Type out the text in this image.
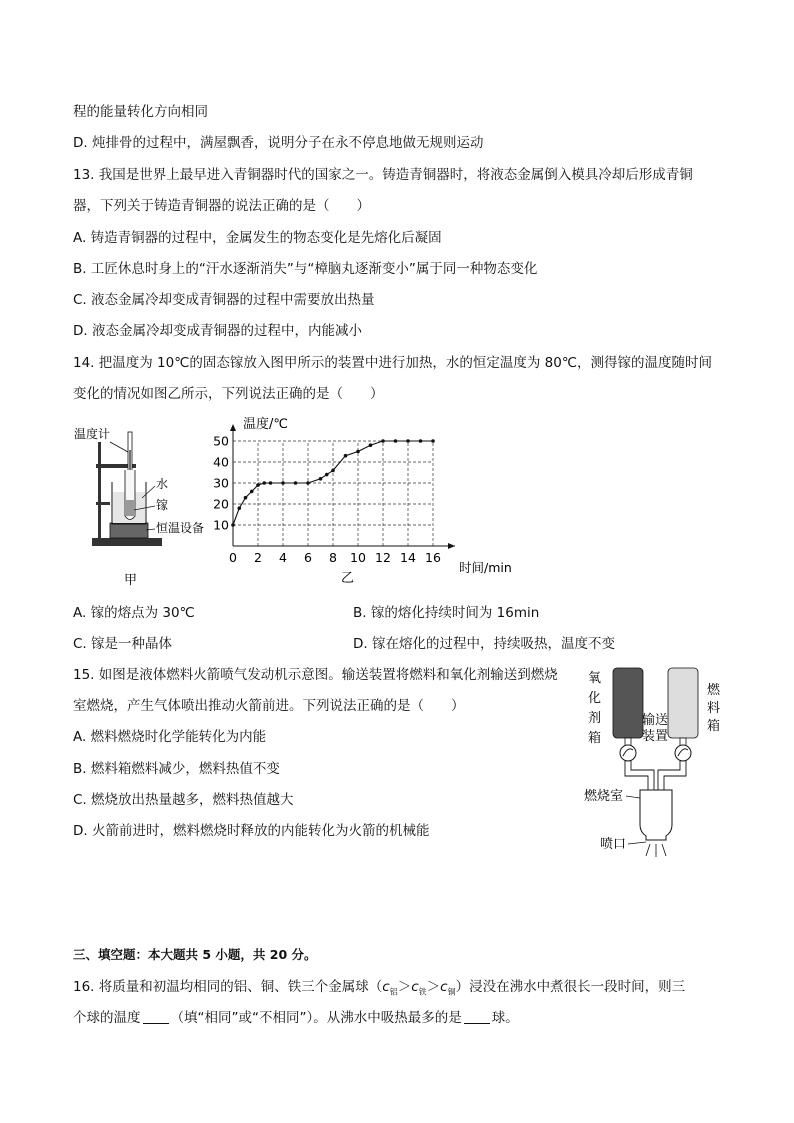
程的能量转化方向相同
D. 炖排骨的过程中，满屋飘香，说明分子在永不停息地做无规则运动
13. 我国是世界上最早进入青铜器时代的国家之一。铸造青铜器时，将液态金属倒入模具冷却后形成青铜
器，下列关于铸造青铜器的说法正确的是（　　）
A. 铸造青铜器的过程中，金属发生的物态变化是先熔化后凝固
B. 工匠休息时身上的“汗水逐渐消失”与“樟脑丸逐渐变小”属于同一种物态变化
C. 液态金属冷却变成青铜器的过程中需要放出热量
D. 液态金属冷却变成青铜器的过程中，内能减小
14. 把温度为 10℃的固态镓放入图甲所示的装置中进行加热，水的恒定温度为 80℃，测得镓的温度随时间
变化的情况如图乙所示，下列说法正确的是（　　）
温度计
水
镓
恒温设备
甲
温度/℃
时间/min
乙
0 2 4 6 8 10 12 14 16
10
20
30
40
50
A. 镓的熔点为 30℃	B. 镓的熔化持续时间为 16min
C. 镓是一种晶体	D. 镓在熔化的过程中，持续吸热，温度不变
15. 如图是液体燃料火箭喷气发动机示意图。输送装置将燃料和氧化剂输送到燃烧
室燃烧，产生气体喷出推动火箭前进。下列说法正确的是（　　）
A. 燃料燃烧时化学能转化为内能
B. 燃料箱燃料减少，燃料热值不变
C. 燃烧放出热量越多，燃料热值越大
D. 火箭前进时，燃料燃烧时释放的内能转化为火箭的机械能
氧
化
剂
箱
燃
料
箱
输送
装置
燃烧室
喷口
三、填空题：本大题共 5 小题，共 20 分。
16. 将质量和初温均相同的铝、铜、铁三个金属球$(c_铝>c_铁>c_铜)$浸没在沸水中煮很长一段时间，则三
个球的温度 （填“相同”或“不相同”）。从沸水中吸热最多的是 球。
